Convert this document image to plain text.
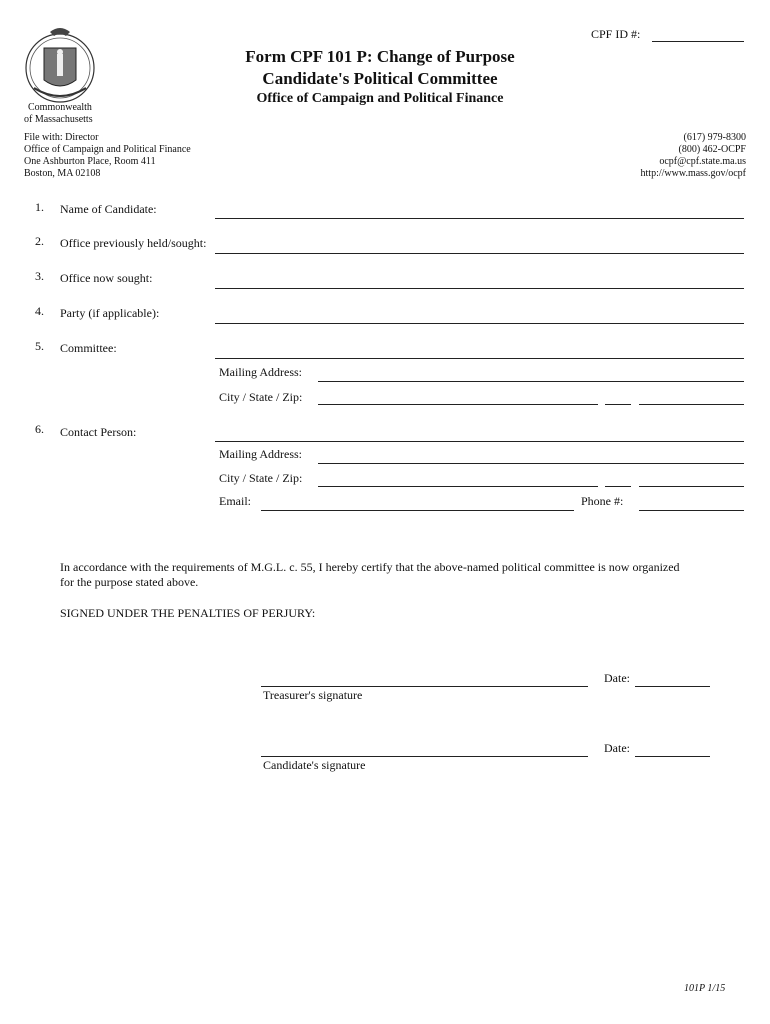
Commonwealth
of Massachusetts
CPF ID #:
Form CPF 101 P: Change of Purpose
Candidate's Political Committee
Office of Campaign and Political Finance
File with: Director
Office of Campaign and Political Finance
One Ashburton Place, Room 411
Boston, MA 02108
(617) 979-8300
(800) 462-OCPF
ocpf@cpf.state.ma.us
http://www.mass.gov/ocpf
1. Name of Candidate:
2. Office previously held/sought:
3. Office now sought:
4. Party (if applicable):
5. Committee:
Mailing Address:
City / State / Zip:
6. Contact Person:
Mailing Address:
City / State / Zip:
Email:	Phone #:
In accordance with the requirements of M.G.L. c. 55, I hereby certify that the above-named political committee is now organized
for the purpose stated above.
SIGNED UNDER THE PENALTIES OF PERJURY:
Treasurer's signature
Date:
Candidate's signature
Date:
101P 1/15
